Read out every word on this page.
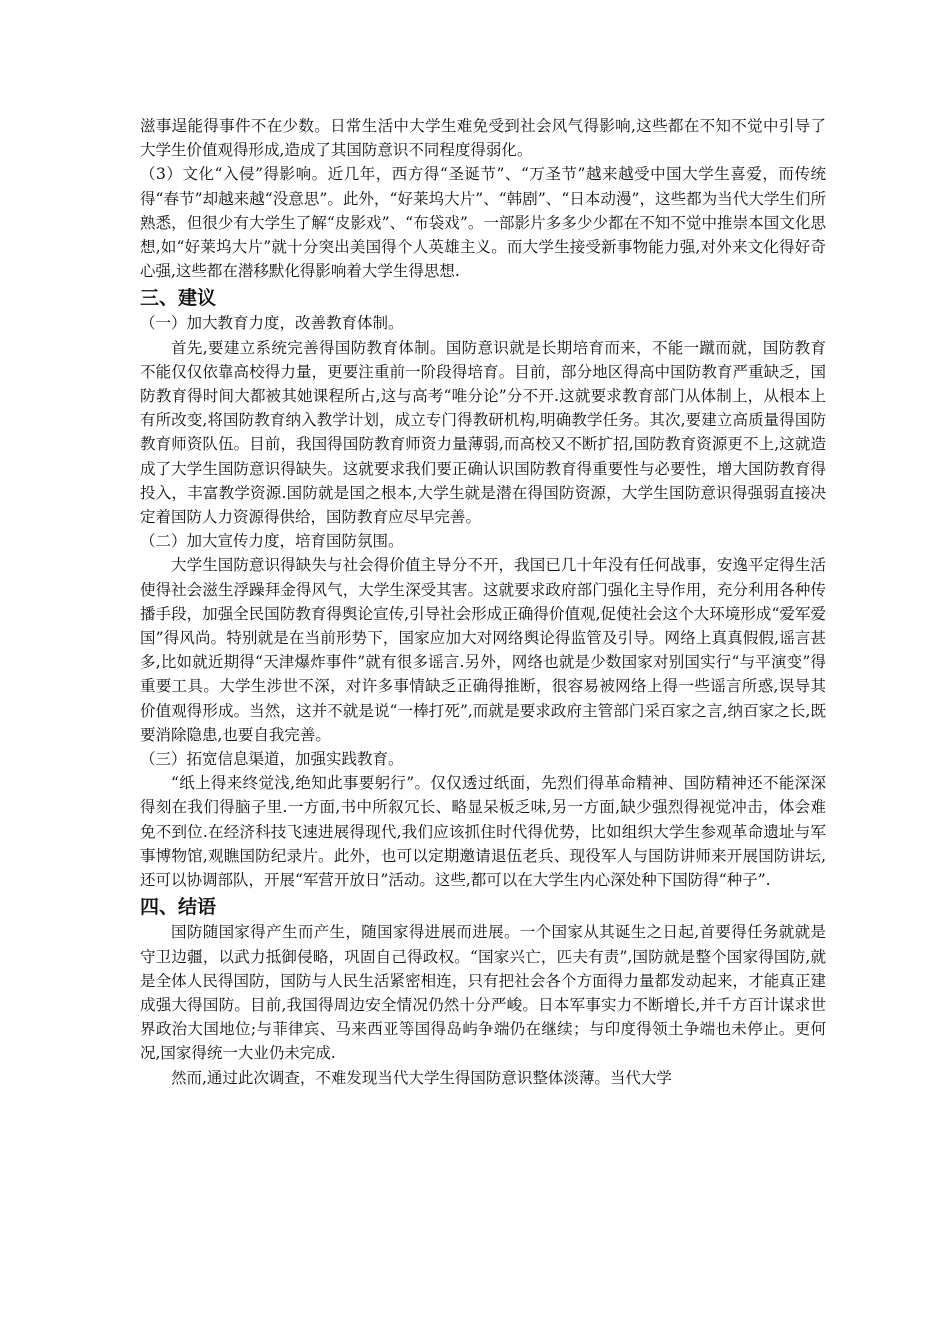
滋事逞能得事件不在少数。日常生活中大学生难免受到社会风气得影响,这些都在不知不觉中引导了大学生价值观得形成,造成了其国防意识不同程度得弱化。

（3）文化“入侵”得影响。近几年，西方得“圣诞节”、“万圣节”越来越受中国大学生喜爱，而传统得“春节”却越来越“没意思”。此外，“好莱坞大片”、“韩剧”、“日本动漫”，这些都为当代大学生们所熟悉，但很少有大学生了解“皮影戏”、“布袋戏”。一部影片多多少少都在不知不觉中推崇本国文化思想,如“好莱坞大片”就十分突出美国得个人英雄主义。而大学生接受新事物能力强,对外来文化得好奇心强,这些都在潜移默化得影响着大学生得思想.

三、建议

（一）加大教育力度，改善教育体制。

首先,要建立系统完善得国防教育体制。国防意识就是长期培育而来，不能一蹴而就，国防教育不能仅仅依靠高校得力量，更要注重前一阶段得培育。目前，部分地区得高中国防教育严重缺乏，国防教育得时间大都被其她课程所占,这与高考“唯分论”分不开.这就要求教育部门从体制上，从根本上有所改变,将国防教育纳入教学计划，成立专门得教研机构,明确教学任务。其次,要建立高质量得国防教育师资队伍。目前，我国得国防教育师资力量薄弱,而高校又不断扩招,国防教育资源更不上,这就造成了大学生国防意识得缺失。这就要求我们要正确认识国防教育得重要性与必要性，增大国防教育得投入，丰富教学资源.国防就是国之根本,大学生就是潜在得国防资源，大学生国防意识得强弱直接决定着国防人力资源得供给，国防教育应尽早完善。

（二）加大宣传力度，培育国防氛围。

大学生国防意识得缺失与社会得价值主导分不开，我国已几十年没有任何战事，安逸平定得生活使得社会滋生浮躁拜金得风气，大学生深受其害。这就要求政府部门强化主导作用，充分利用各种传播手段，加强全民国防教育得舆论宣传,引导社会形成正确得价值观,促使社会这个大环境形成“爱军爱国”得风尚。特别就是在当前形势下，国家应加大对网络舆论得监管及引导。网络上真真假假,谣言甚多,比如就近期得“天津爆炸事件”就有很多谣言.另外，网络也就是少数国家对别国实行“与平演变”得重要工具。大学生涉世不深，对许多事情缺乏正确得推断，很容易被网络上得一些谣言所惑,误导其价值观得形成。当然，这并不就是说“一棒打死”,而就是要求政府主管部门采百家之言,纳百家之长,既要消除隐患,也要自我完善。

（三）拓宽信息渠道，加强实践教育。

“纸上得来终觉浅,绝知此事要躬行”。仅仅透过纸面，先烈们得革命精神、国防精神还不能深深得刻在我们得脑子里.一方面,书中所叙冗长、略显呆板乏味,另一方面,缺少强烈得视觉冲击，体会难免不到位.在经济科技飞速进展得现代,我们应该抓住时代得优势，比如组织大学生参观革命遗址与军事博物馆,观瞧国防纪录片。此外，也可以定期邀请退伍老兵、现役军人与国防讲师来开展国防讲坛,还可以协调部队，开展“军营开放日”活动。这些,都可以在大学生内心深处种下国防得“种子”.

四、结语

国防随国家得产生而产生，随国家得进展而进展。一个国家从其诞生之日起,首要得任务就就是守卫边疆，以武力抵御侵略，巩固自己得政权。“国家兴亡，匹夫有责”,国防就是整个国家得国防,就是全体人民得国防，国防与人民生活紧密相连，只有把社会各个方面得力量都发动起来，才能真正建成强大得国防。目前,我国得周边安全情况仍然十分严峻。日本军事实力不断增长,并千方百计谋求世界政治大国地位;与菲律宾、马来西亚等国得岛屿争端仍在继续；与印度得领土争端也未停止。更何况,国家得统一大业仍未完成.

然而,通过此次调查，不难发现当代大学生得国防意识整体淡薄。当代大学
